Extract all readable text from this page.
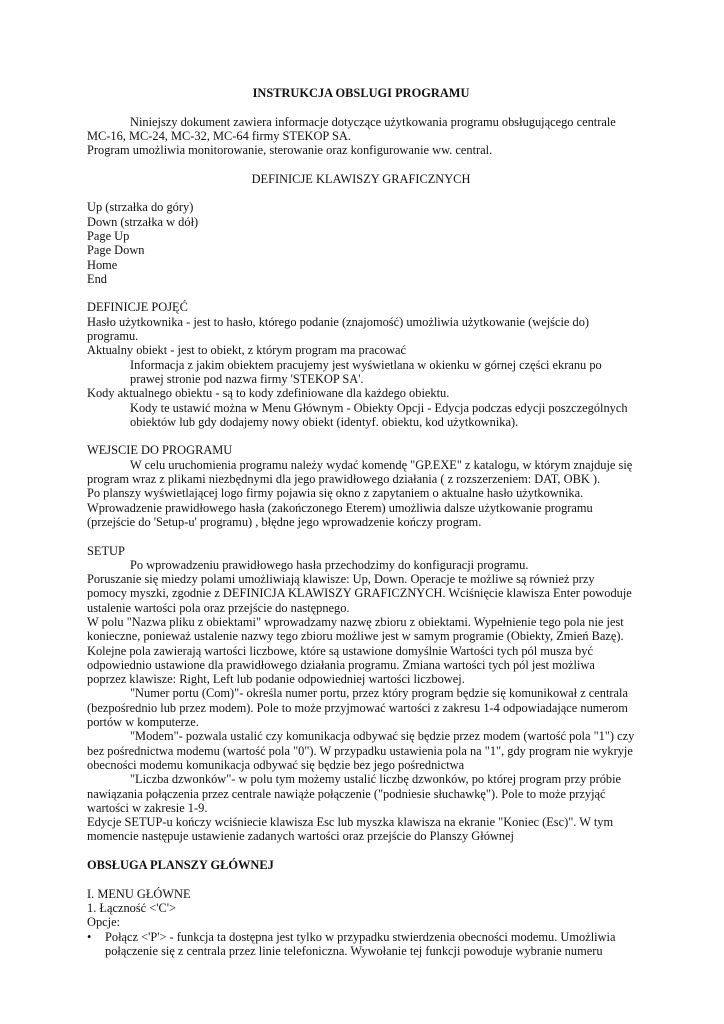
INSTRUKCJA OBSLUGI PROGRAMU

Niniejszy dokument zawiera informacje dotyczące użytkowania programu obsługującego centrale MC-16, MC-24, MC-32, MC-64 firmy STEKOP SA.

Program umożliwia monitorowanie, sterowanie oraz konfigurowanie ww. central.

DEFINICJE KLAWISZY GRAFICZNYCH

Up (strzałka do góry)

Down (strzałka w dół)

Page Up

Page Down

Home

End

DEFINICJE POJĘĆ

Hasło użytkownika - jest to hasło, którego podanie (znajomość) umożliwia użytkowanie (wejście do) programu.

Aktualny obiekt - jest to obiekt, z którym program ma pracować

Informacja z jakim obiektem pracujemy jest wyświetlana w okienku w górnej części ekranu po prawej stronie pod nazwa firmy 'STEKOP SA'.

Kody aktualnego obiektu - są to kody zdefiniowane dla każdego obiektu.

Kody te ustawić można w Menu Głównym - Obiekty Opcji - Edycja podczas edycji poszczególnych obiektów lub gdy dodajemy nowy obiekt (identyf. obiektu, kod użytkownika).

WEJSCIE DO PROGRAMU

W celu uruchomienia programu należy wydać komendę "GP.EXE" z katalogu, w którym znajduje się program wraz z plikami niezbędnymi dla jego prawidłowego działania ( z rozszerzeniem: DAT, OBK ).

Po planszy wyświetlającej logo firmy pojawia się okno z zapytaniem o aktualne hasło użytkownika.

Wprowadzenie prawidłowego hasła (zakończonego Eterem) umożliwia dalsze użytkowanie programu (przejście do 'Setup-u' programu) , błędne jego wprowadzenie kończy program.

SETUP

Po wprowadzeniu prawidłowego hasła przechodzimy do konfiguracji programu.

Poruszanie się miedzy polami umożliwiają klawisze: Up, Down. Operacje te możliwe są również przy pomocy myszki, zgodnie z DEFINICJA KLAWISZY GRAFICZNYCH. Wciśnięcie klawisza Enter powoduje ustalenie wartości pola oraz przejście do następnego.

W polu "Nazwa pliku z obiektami" wprowadzamy nazwę zbioru z obiektami. Wypełnienie tego pola nie jest konieczne, ponieważ ustalenie nazwy tego zbioru możliwe jest w samym programie (Obiekty, Zmień Bazę). Kolejne pola zawierają wartości liczbowe, które są ustawione domyślnie Wartości tych pól musza być odpowiednio ustawione dla prawidłowego działania programu. Zmiana wartości tych pól jest możliwa poprzez klawisze: Right, Left lub podanie odpowiedniej wartości liczbowej.

"Numer portu (Com)"- określa numer portu, przez który program będzie się komunikował z centrala (bezpośrednio lub przez modem). Pole to może przyjmować wartości z zakresu 1-4 odpowiadające numerom portów w komputerze.

"Modem"- pozwala ustalić czy komunikacja odbywać się będzie przez modem (wartość pola "1") czy bez pośrednictwa modemu (wartość pola "0"). W przypadku ustawienia pola na "1", gdy program nie wykryje obecności modemu komunikacja odbywać się będzie bez jego pośrednictwa

"Liczba dzwonków"- w polu tym możemy ustalić liczbę dzwonków, po której program przy próbie nawiązania połączenia przez centrale nawiąże połączenie ("podniesie słuchawkę"). Pole to może przyjąć wartości w zakresie 1-9.

Edycje SETUP-u kończy wciśniecie klawisza Esc lub myszka klawisza na ekranie "Koniec (Esc)". W tym momencie następuje ustawienie zadanych wartości oraz przejście do Planszy Głównej

OBSŁUGA PLANSZY GŁÓWNEJ

I. MENU GŁÓWNE

1. Łączność <'C'>

Opcje:

• Połącz <'P'> - funkcja ta dostępna jest tylko w przypadku stwierdzenia obecności modemu. Umożliwia połączenie się z centrala przez linie telefoniczna. Wywołanie tej funkcji powoduje wybranie numeru
